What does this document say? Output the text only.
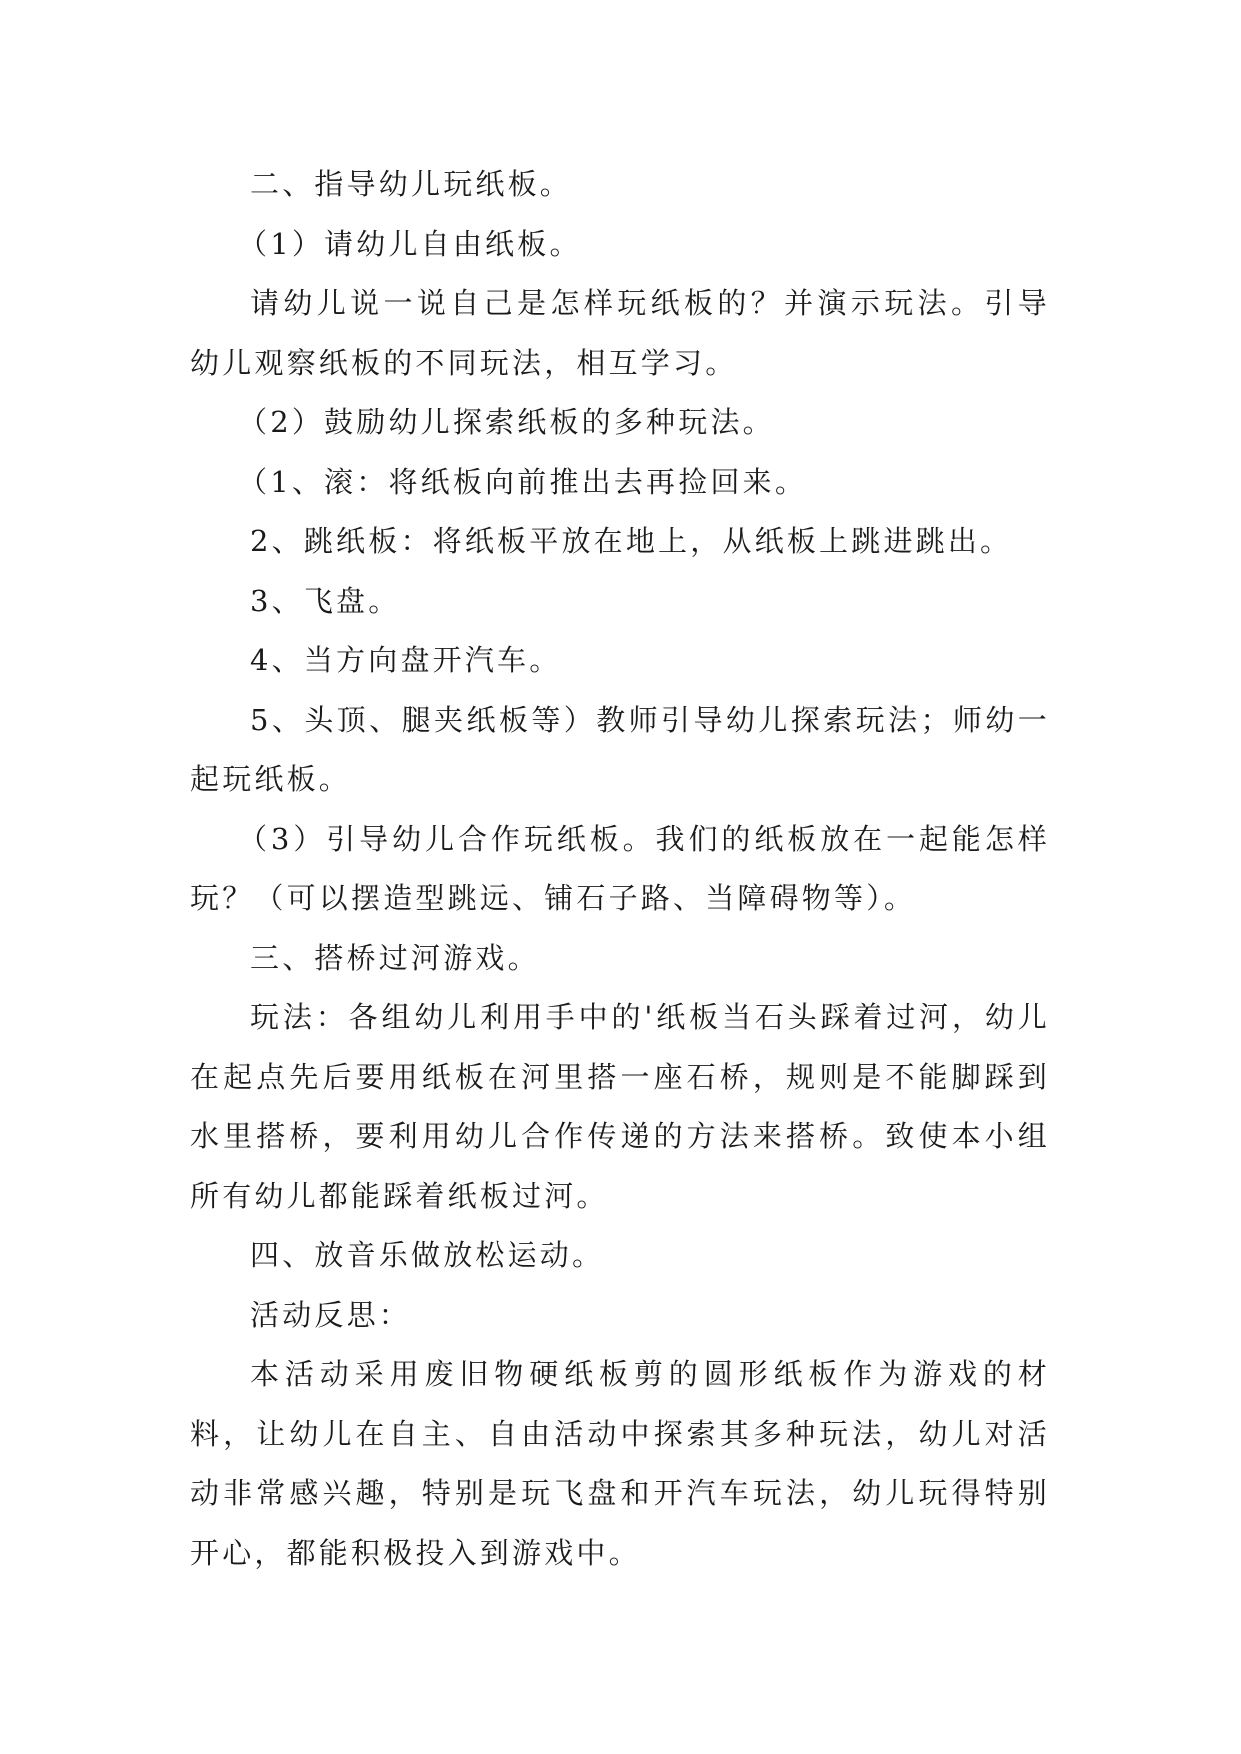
二、指导幼儿玩纸板。

（1）请幼儿自由纸板。

请幼儿说一说自己是怎样玩纸板的？并演示玩法。引导幼儿观察纸板的不同玩法，相互学习。

（2）鼓励幼儿探索纸板的多种玩法。

（1、滚：将纸板向前推出去再捡回来。

2、跳纸板：将纸板平放在地上，从纸板上跳进跳出。

3、飞盘。

4、当方向盘开汽车。

5、头顶、腿夹纸板等）教师引导幼儿探索玩法；师幼一起玩纸板。

（3）引导幼儿合作玩纸板。我们的纸板放在一起能怎样玩？（可以摆造型跳远、铺石子路、当障碍物等）。

三、搭桥过河游戏。

玩法：各组幼儿利用手中的'纸板当石头踩着过河，幼儿在起点先后要用纸板在河里搭一座石桥，规则是不能脚踩到水里搭桥，要利用幼儿合作传递的方法来搭桥。致使本小组所有幼儿都能踩着纸板过河。

四、放音乐做放松运动。

活动反思：

本活动采用废旧物硬纸板剪的圆形纸板作为游戏的材料，让幼儿在自主、自由活动中探索其多种玩法，幼儿对活动非常感兴趣，特别是玩飞盘和开汽车玩法，幼儿玩得特别开心，都能积极投入到游戏中。
